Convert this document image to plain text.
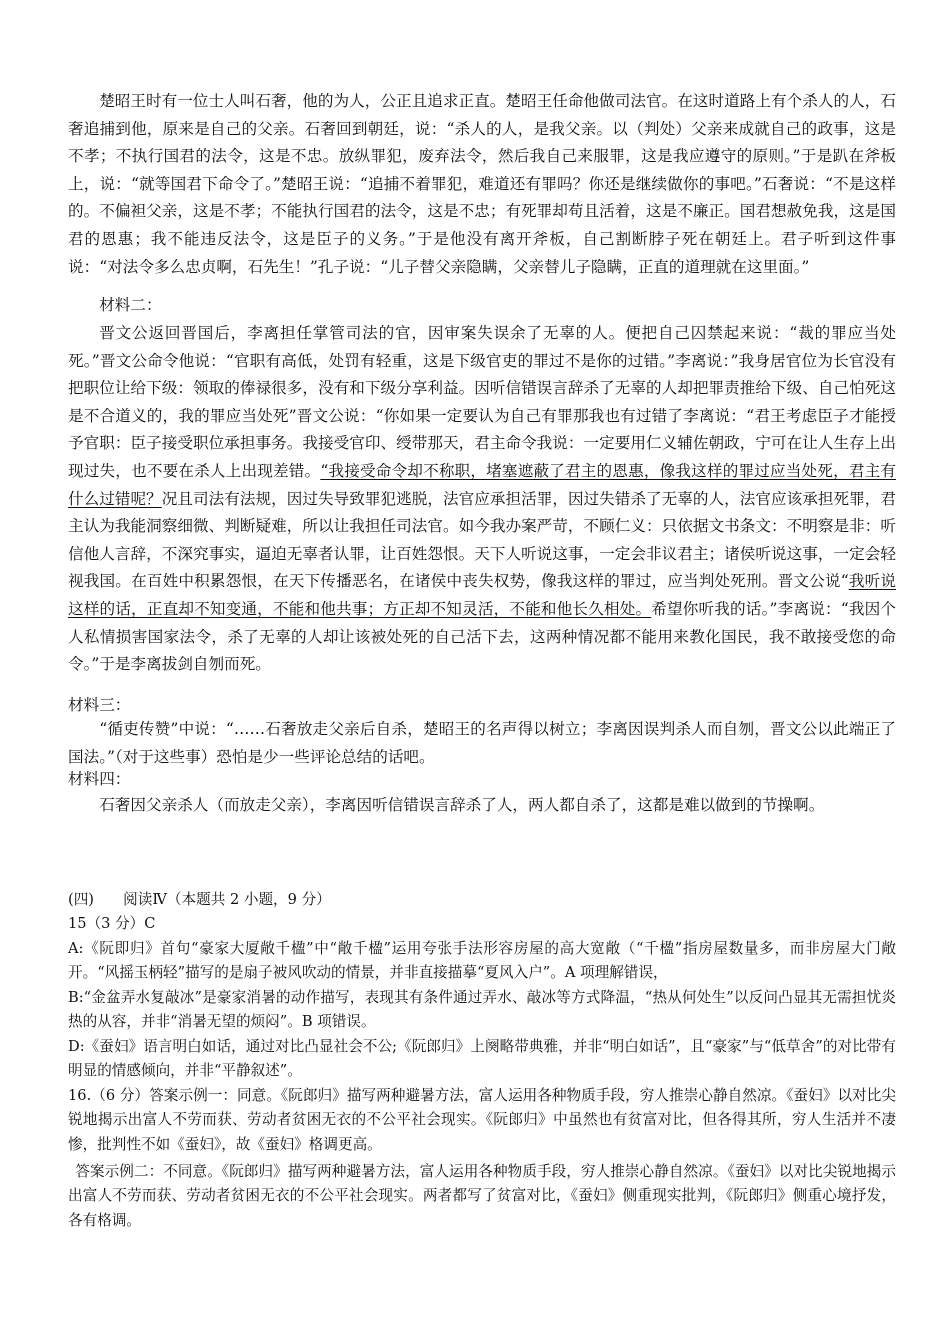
楚昭王时有一位士人叫石奢，他的为人，公正且追求正直。楚昭王任命他做司法官。在这时道路上有个杀人的人，石奢追捕到他，原来是自己的父亲。石奢回到朝廷，说：“杀人的人，是我父亲。以（判处）父亲来成就自己的政事，这是不孝；不执行国君的法令，这是不忠。放纵罪犯，废弃法令，然后我自己来服罪，这是我应遵守的原则。”于是趴在斧板上，说：“就等国君下命令了。”楚昭王说：“追捕不着罪犯，难道还有罪吗？你还是继续做你的事吧。”石奢说：“不是这样的。不偏袒父亲，这是不孝；不能执行国君的法令，这是不忠；有死罪却苟且活着，这是不廉正。国君想赦免我，这是国君的恩惠；我不能违反法令，这是臣子的义务。”于是他没有离开斧板，自己割断脖子死在朝廷上。君子听到这件事说：“对法令多么忠贞啊，石先生！”孔子说：“儿子替父亲隐瞒，父亲替儿子隐瞒，正直的道理就在这里面。”

材料二：

晋文公返回晋国后，李离担任掌管司法的官，因审案失误余了无辜的人。便把自己囚禁起来说：“裁的罪应当处死。”晋文公命令他说：“官职有高低，处罚有轻重，这是下级官吏的罪过不是你的过错。”李离说：”我身居官位为长官没有把职位让给下级：领取的俸禄很多，没有和下级分享利益。因听信错误言辞杀了无辜的人却把罪责推给下级、自己怕死这是不合道义的，我的罪应当处死”晋文公说：“你如果一定要认为自己有罪那我也有过错了李离说：“君王考虑臣子才能授予官职：臣子接受职位承担事务。我接受官印、绶带那天，君主命令我说：一定要用仁义辅佐朝政，宁可在让人生存上出现过失，也不要在杀人上出现差错。“我接受命令却不称职，堵塞遮蔽了君主的恩惠，像我这样的罪过应当处死，君主有什么过错呢？况且司法有法规，因过失导致罪犯逃脱，法官应承担活罪，因过失错杀了无辜的人，法官应该承担死罪，君主认为我能洞察细微、判断疑难，所以让我担任司法官。如今我办案严苛，不顾仁义：只依据文书条文：不明察是非：听信他人言辞，不深究事实，逼迫无辜者认罪，让百姓怨恨。天下人听说这事，一定会非议君主；诸侯听说这事，一定会轻视我国。在百姓中积累怨恨，在天下传播恶名，在诸侯中丧失权势，像我这样的罪过，应当判处死刑。晋文公说“我听说这样的话，正直却不知变通，不能和他共事；方正却不知灵活，不能和他长久相处。希望你听我的话。”李离说：“我因个人私情损害国家法令，杀了无辜的人却让该被处死的自己活下去，这两种情况都不能用来教化国民，我不敢接受您的命令。”于是李离拔剑自刎而死。

材料三：

“循吏传赞”中说：“……石奢放走父亲后自杀，楚昭王的名声得以树立；李离因误判杀人而自刎，晋文公以此端正了国法。”（对于这些事）恐怕是少一些评论总结的话吧。

材料四：

石奢因父亲杀人（而放走父亲），李离因听信错误言辞杀了人，两人都自杀了，这都是难以做到的节操啊。

(四)　　阅读Ⅳ（本题共 2 小题，9 分）

15（3 分）C

A:《阮即归》首句“豪家大厦敞千楹”中“敞千楹”运用夸张手法形容房屋的高大宽敞（“千楹”指房屋数量多，而非房屋大门敞开。“风摇玉柄轻”描写的是扇子被风吹动的情景，并非直接描摹“夏风入户”。A 项理解错误，

B:“金盆弄水复敲冰”是豪家消暑的动作描写，表现其有条件通过弄水、敲冰等方式降温，“热从何处生”以反问凸显其无需担忧炎热的从容，并非“消暑无望的烦闷”。B 项错误。

D:《蚕妇》语言明白如话，通过对比凸显社会不公;《阮郎归》上阕略带典雅，并非“明白如话”，且“豪家”与“低草舍”的对比带有明显的情感倾向，并非“平静叙述”。

16.（6 分）答案示例一：同意。《阮郎归》描写两种避暑方法，富人运用各种物质手段，穷人推崇心静自然凉。《蚕妇》以对比尖锐地揭示出富人不劳而获、劳动者贫困无衣的不公平社会现实。《阮郎归》中虽然也有贫富对比，但各得其所，穷人生活并不凄惨，批判性不如《蚕妇》，故《蚕妇》格调更高。

答案示例二：不同意。《阮郎归》描写两种避暑方法，富人运用各种物质手段，穷人推崇心静自然凉。《蚕妇》以对比尖锐地揭示出富人不劳而获、劳动者贫困无衣的不公平社会现实。两者都写了贫富对比，《蚕妇》侧重现实批判，《阮郎归》侧重心境抒发，各有格调。
